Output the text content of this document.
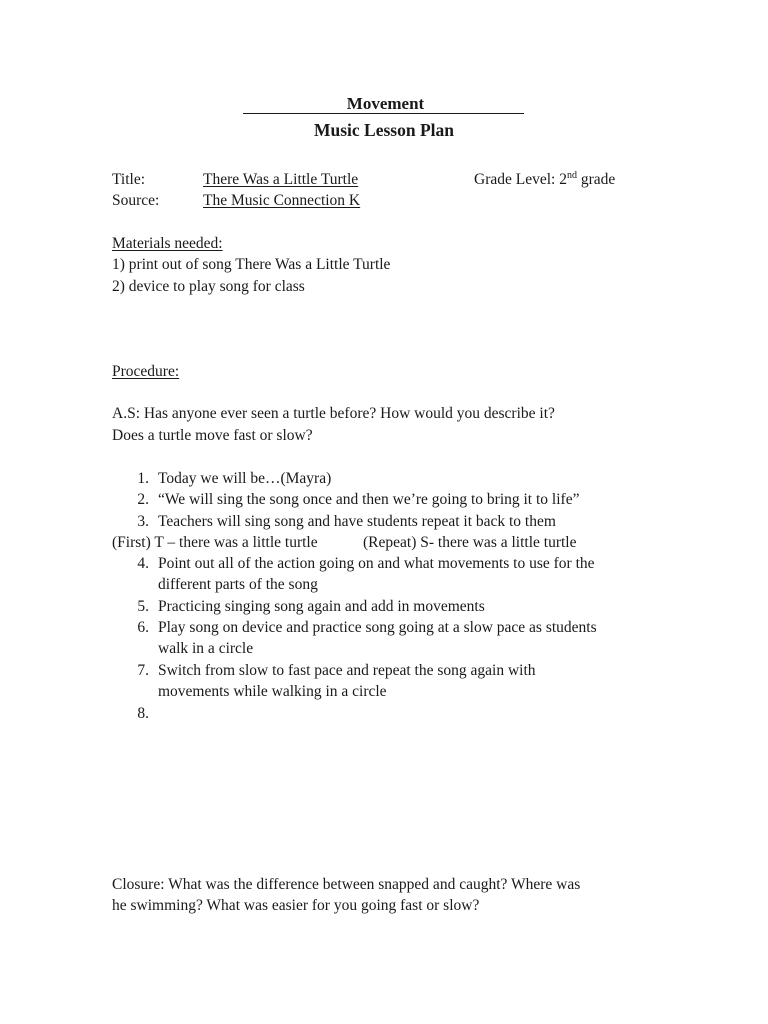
Movement
Music Lesson Plan
Title:	There Was a Little Turtle	Grade Level: 2nd grade
Source:	The Music Connection K
Materials needed:
1) print out of song There Was a Little Turtle
2) device to play song for class
Procedure:
A.S: Has anyone ever seen a turtle before? How would you describe it?
Does a turtle move fast or slow?
1. Today we will be…(Mayra)
2. “We will sing the song once and then we’re going to bring it to life”
3. Teachers will sing song and have students repeat it back to them
(First) T – there was a little turtle	(Repeat) S- there was a little turtle
4. Point out all of the action going on and what movements to use for the
different parts of the song
5. Practicing singing song again and add in movements
6. Play song on device and practice song going at a slow pace as students
walk in a circle
7. Switch from slow to fast pace and repeat the song again with
movements while walking in a circle
8.
Closure: What was the difference between snapped and caught? Where was
he swimming? What was easier for you going fast or slow?
